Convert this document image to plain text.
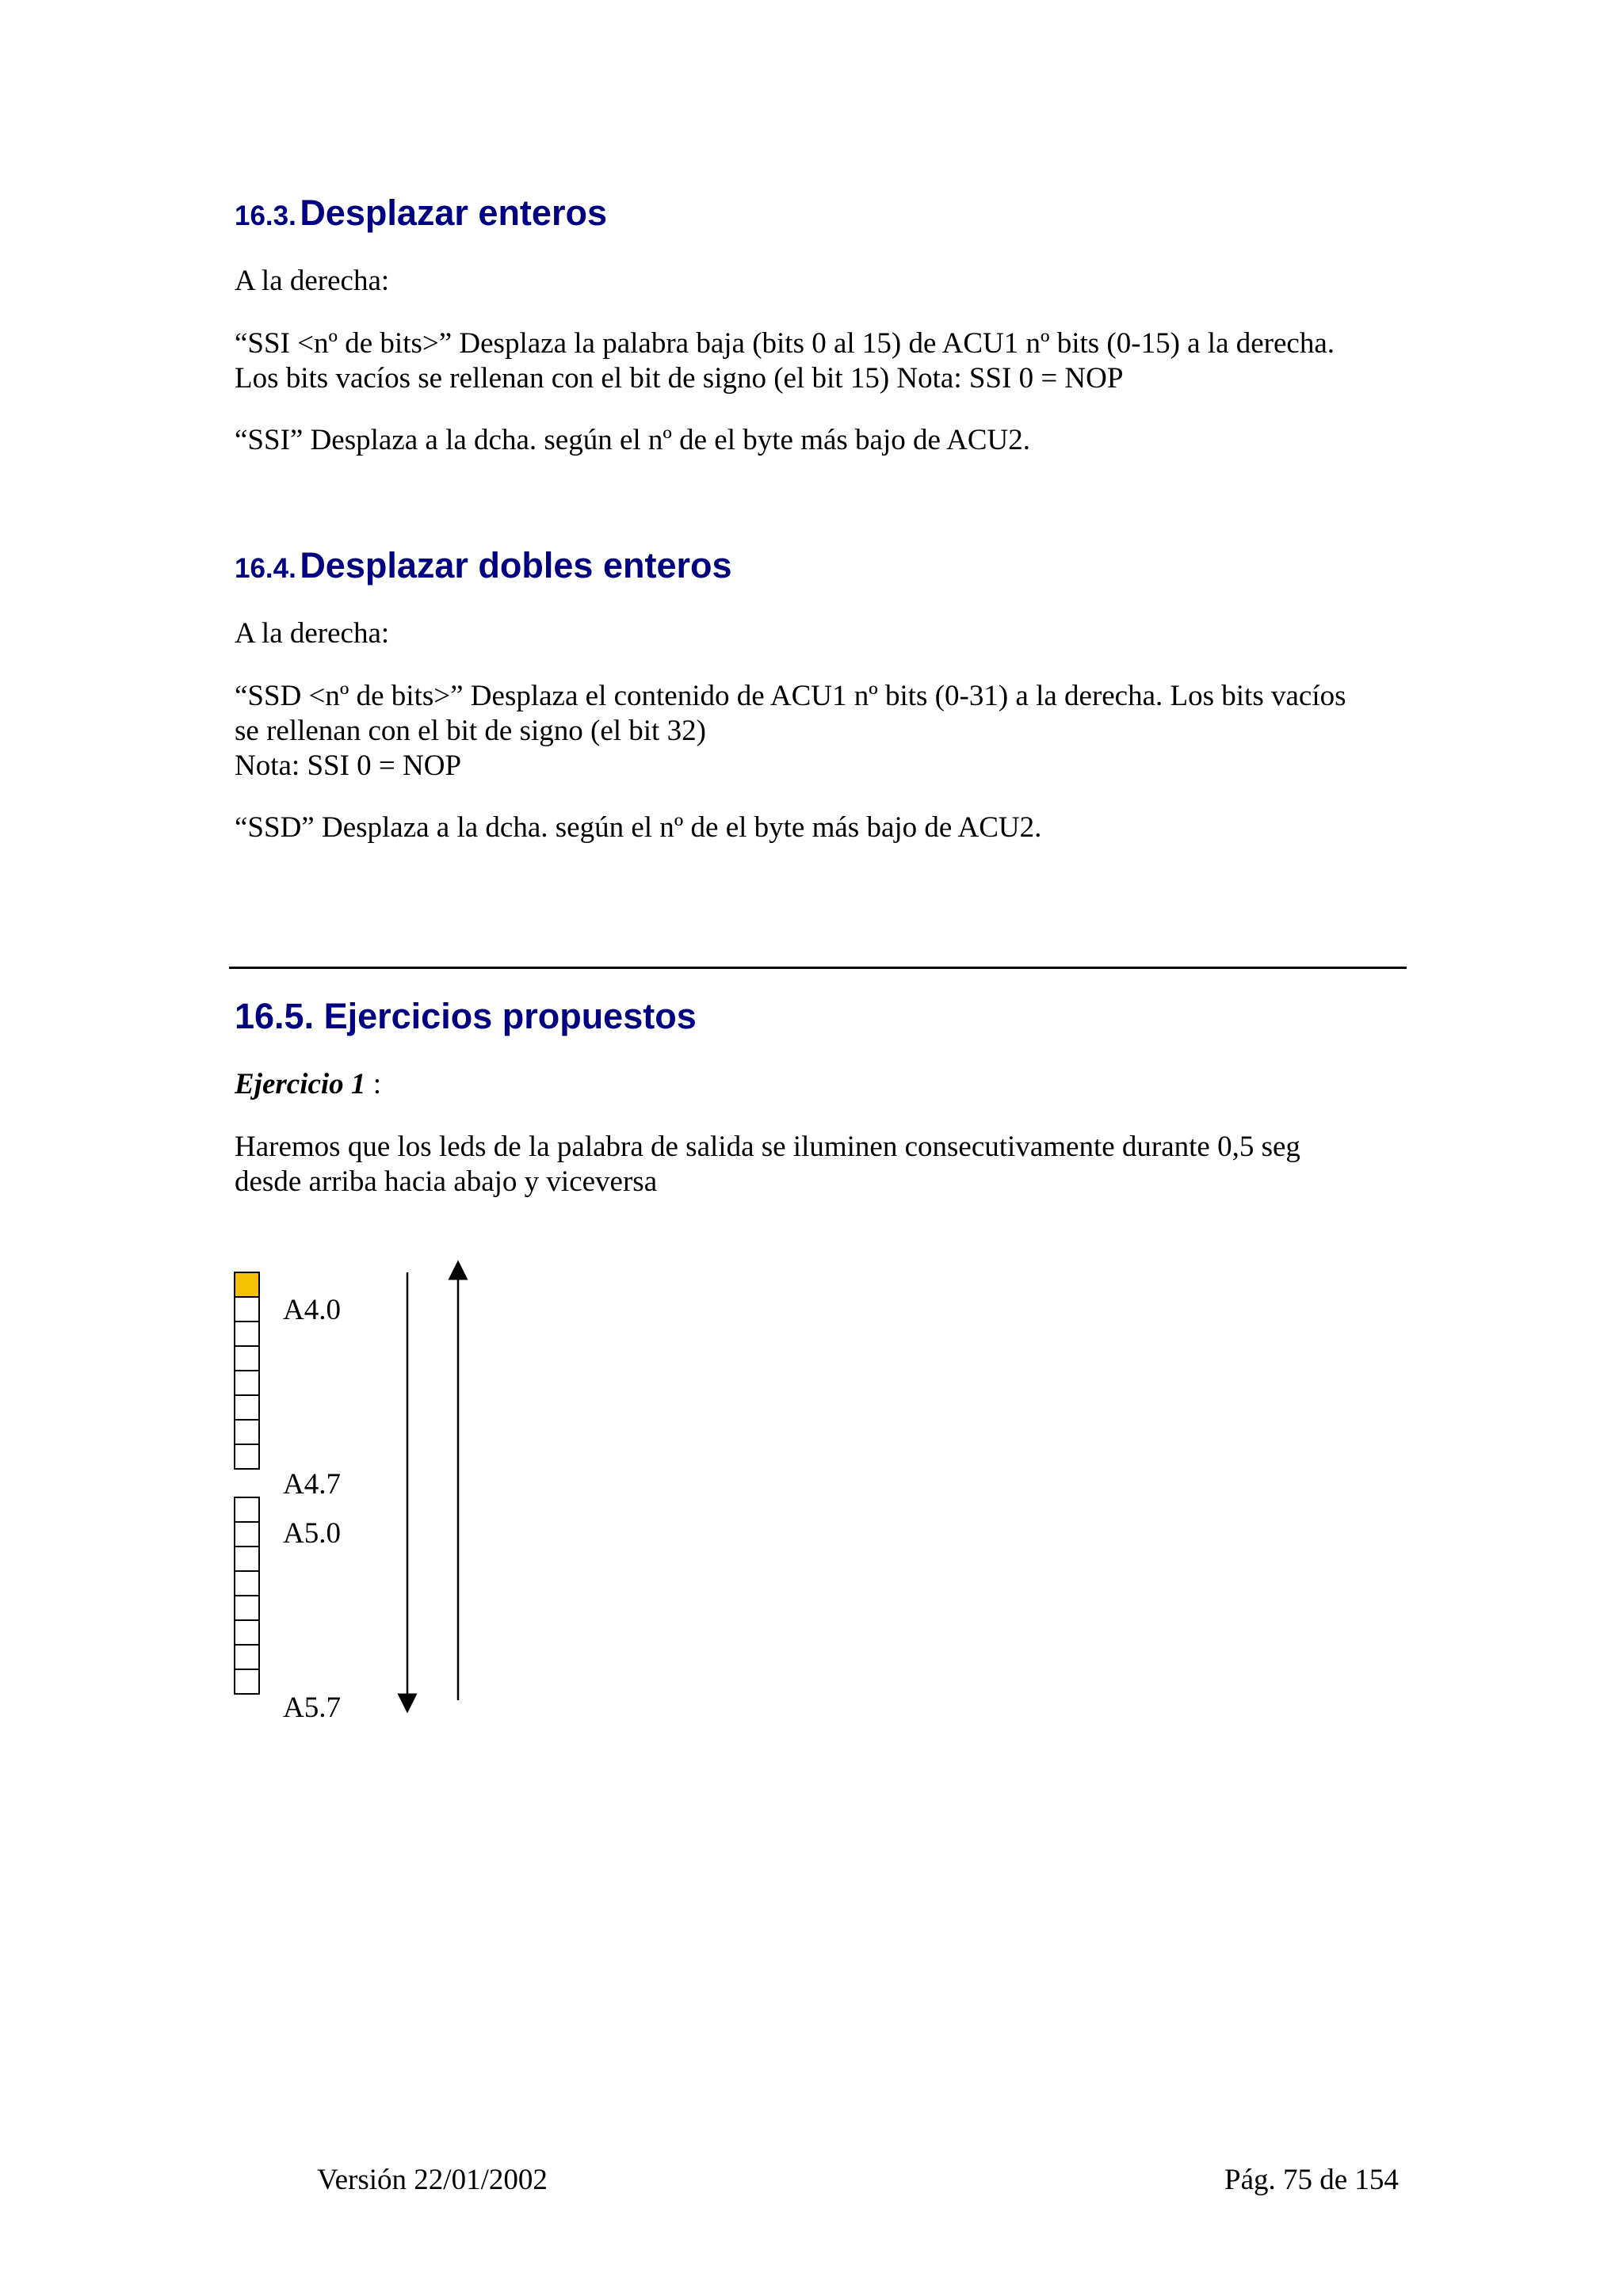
16.3. Desplazar enteros

A la derecha:

“SSI <nº de bits>” Desplaza la palabra baja (bits 0 al 15) de ACU1 nº bits (0-15) a la derecha.
Los bits vacíos se rellenan con el bit de signo (el bit 15) Nota: SSI 0 = NOP

“SSI” Desplaza a la dcha. según el nº de el byte más bajo de ACU2.

16.4. Desplazar dobles enteros

A la derecha:

“SSD <nº de bits>” Desplaza el contenido de ACU1 nº bits (0-31) a la derecha. Los bits vacíos
se rellenan con el bit de signo (el bit 32)
Nota: SSI 0 = NOP

“SSD” Desplaza a la dcha. según el nº de el byte más bajo de ACU2.

16.5. Ejercicios propuestos

Ejercicio 1 :

Haremos que los leds de la palabra de salida se iluminen consecutivamente durante 0,5 seg
desde arriba hacia abajo y viceversa

A4.0
A4.7
A5.0
A5.7
Versión 22/01/2002	Pág. 75 de 154
